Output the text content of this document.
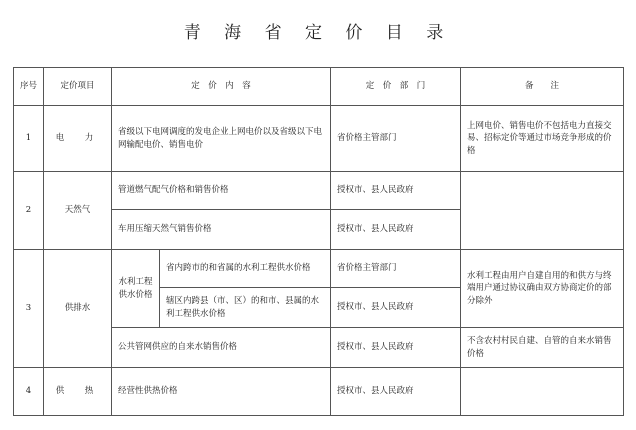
青 海 省 定 价 目 录
序号	定价项目	定　价　内　容		定　价　部　门	备　　注
1	电　力	省级以下电网调度的发电企业上网电价以及省级以下电网输配电价、销售电价		省价格主管部门	上网电价、销售电价不包括电力直接交易、招标定价等通过市场竞争形成的价格
2	天然气	管道燃气配气价格和销售价格		授权市、县人民政府	
		车用压缩天然气销售价格		授权市、县人民政府	
3	供排水	水利工程供水价格	省内跨市的和省属的水利工程供水价格	省价格主管部门	水利工程由用户自建自用的和供方与终端用户通过协议确由双方协商定价的部分除外
			辖区内跨县（市、区）的和市、县属的水利工程供水价格	授权市、县人民政府	
		公共管网供应的自来水销售价格		授权市、县人民政府	不含农村村民自建、自管的自来水销售价格
4	供　热	经营性供热价格		授权市、县人民政府	
